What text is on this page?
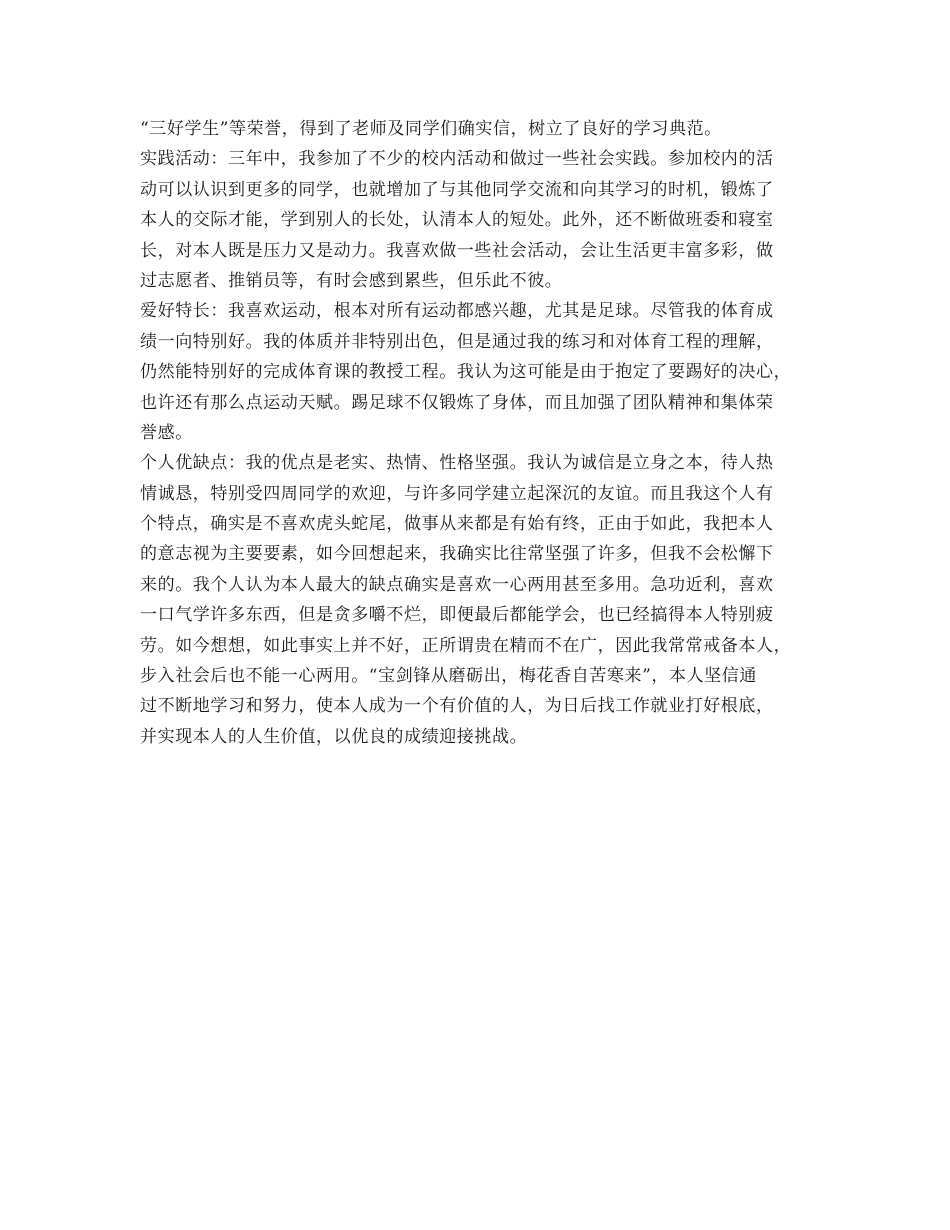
“三好学生”等荣誉，得到了老师及同学们确实信，树立了良好的学习典范。
实践活动：三年中，我参加了不少的校内活动和做过一些社会实践。参加校内的活
动可以认识到更多的同学，也就增加了与其他同学交流和向其学习的时机，锻炼了
本人的交际才能，学到别人的长处，认清本人的短处。此外，还不断做班委和寝室
长，对本人既是压力又是动力。我喜欢做一些社会活动，会让生活更丰富多彩，做
过志愿者、推销员等，有时会感到累些，但乐此不彼。
爱好特长：我喜欢运动，根本对所有运动都感兴趣，尤其是足球。尽管我的体育成
绩一向特别好。我的体质并非特别出色，但是通过我的练习和对体育工程的理解，
仍然能特别好的完成体育课的教授工程。我认为这可能是由于抱定了要踢好的决心，
也许还有那么点运动天赋。踢足球不仅锻炼了身体，而且加强了团队精神和集体荣
誉感。
个人优缺点：我的优点是老实、热情、性格坚强。我认为诚信是立身之本，待人热
情诚恳，特别受四周同学的欢迎，与许多同学建立起深沉的友谊。而且我这个人有
个特点，确实是不喜欢虎头蛇尾，做事从来都是有始有终，正由于如此，我把本人
的意志视为主要要素，如今回想起来，我确实比往常坚强了许多，但我不会松懈下
来的。我个人认为本人最大的缺点确实是喜欢一心两用甚至多用。急功近利，喜欢
一口气学许多东西，但是贪多嚼不烂，即便最后都能学会，也已经搞得本人特别疲
劳。如今想想，如此事实上并不好，正所谓贵在精而不在广，因此我常常戒备本人，
步入社会后也不能一心两用。“宝剑锋从磨砺出，梅花香自苦寒来”，本人坚信通
过不断地学习和努力，使本人成为一个有价值的人，为日后找工作就业打好根底，
并实现本人的人生价值，以优良的成绩迎接挑战。
